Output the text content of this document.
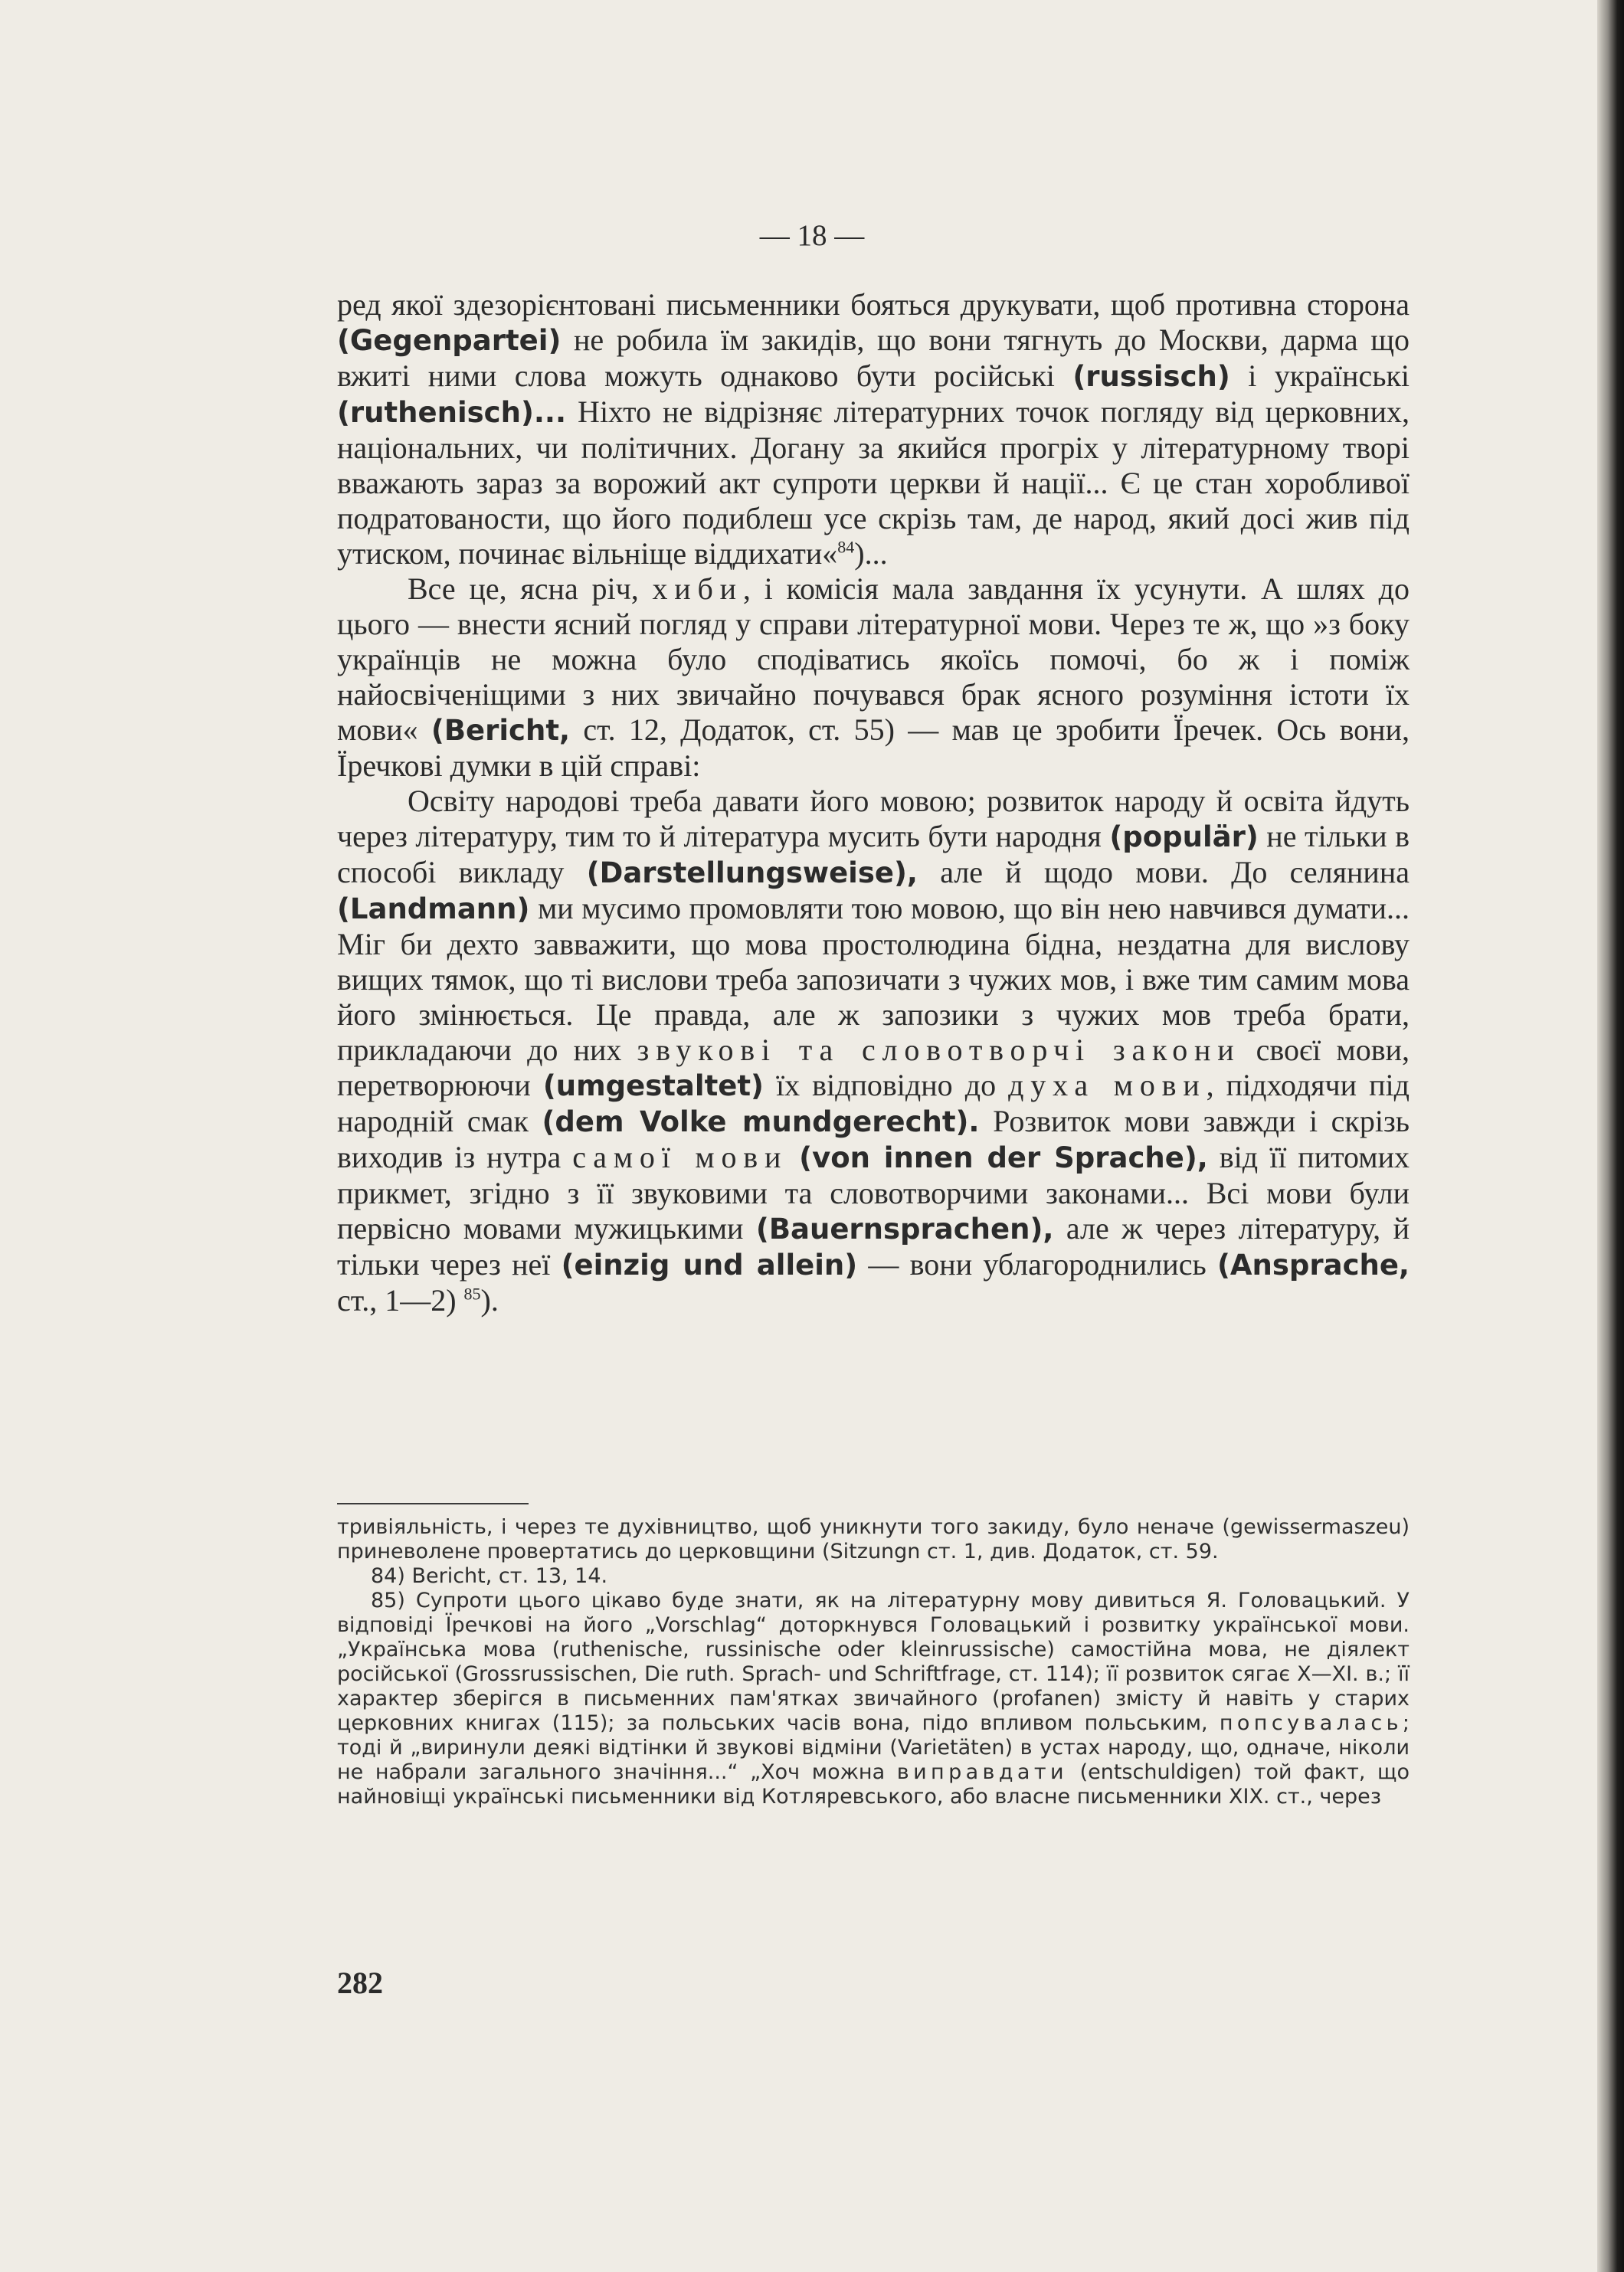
— 18 —

ред якої здезорієнтовані письменники бояться друкувати, щоб противна сторона (Gegenpartei) не робила їм закидів, що вони тягнуть до Москви, дарма що вжиті ними слова можуть однаково бути російські (russisch) і українські (ruthenisch)... Ніхто не відрізняє літературних точок погляду від церковних, національних, чи політичних. Догану за якийся прогріх у літературному творі вважають зараз за ворожий акт супроти церкви й нації... Є це стан хоробливої подратованости, що його подиблеш усе скрізь там, де народ, який досі жив під утиском, починає вільніще віддихати«$^{84}$)...

Все це, ясна річ, хиби, і комісія мала завдання їх усунути. А шлях до цього — внести ясний погляд у справи літературної мови. Через те ж, що »з боку українців не можна було сподіватись якоїсь помочі, бо ж і поміж найосвіченіщими з них звичайно почувався брак ясного розуміння істоти їх мови« (Bericht, ст. 12, Додаток, ст. 55) — мав це зробити Їречек. Ось вони, Їречкові думки в цій справі:

Освіту народові треба давати його мовою; розвиток народу й освіта йдуть через літературу, тим то й література мусить бути народня (populär) не тільки в способі викладу (Darstellungsweise), але й щодо мови. До селянина (Landmann) ми мусимо промовляти тою мовою, що він нею навчився думати... Міг би дехто завважити, що мова простолюдина бідна, нездатна для вислову вищих тямок, що ті вислови треба запозичати з чужих мов, і вже тим самим мова його змінюється. Це правда, але ж запозики з чужих мов треба брати, прикладаючи до них звукові та словотворчі закони своєї мови, перетворюючи (umgestaltet) їх відповідно до духа мови, підходячи під народній смак (dem Volke mundgerecht). Розвиток мови завжди і скрізь виходив із нутра самої мови (von innen der Sprache), від її питомих прикмет, згідно з її звуковими та словотворчими законами... Всі мови були первісно мовами мужицькими (Bauernsprachen), але ж через літературу, й тільки через неї (einzig und allein) — вони ублагороднились (Ansprache, ст., 1—2) $^{85}$).

тривіяльність, і через те духівництво, щоб уникнути того закиду, було неначе (gewissermaszeu) приневолене провертатись до церковщини (Sitzungn ст. 1, див. Додаток, ст. 59.

84) Bericht, ст. 13, 14.

85) Супроти цього цікаво буде знати, як на літературну мову дивиться Я. Головацький. У відповіді Їречкові на його „Vorschlag“ доторкнувся Головацький і розвитку української мови. „Українська мова (ruthenische, russinische oder kleinrussische) самостійна мова, не діялект російської (Grossrussischen, Die ruth. Sprach- und Schriftfrage, ст. 114); її розвиток сягає X—XI. в.; її характер зберігся в письменних пам'ятках звичайного (profanen) змісту й навіть у старих церковних книгах (115); за польських часів вона, підо впливом польським, попсувалась; тоді й „виринули деякі відтінки й звукові відміни (Varietäten) в устах народу, що, одначе, ніколи не набрали загального значіння...“ „Хоч можна виправдати (entschuldigen) той факт, що найновіщі українські письменники від Котляревського, або власне письменники XIX. ст., через

282
